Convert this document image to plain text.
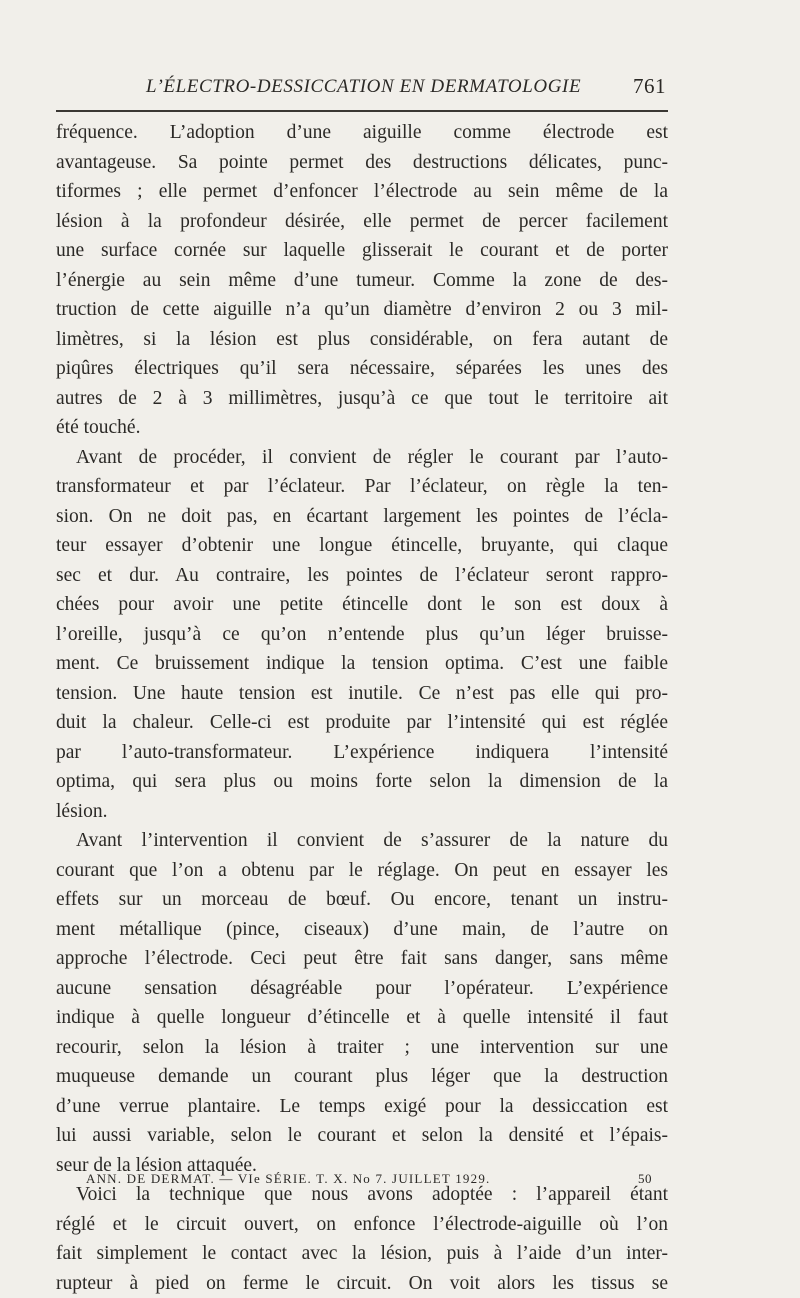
L’ÉLECTRO-DESSICCATION EN DERMATOLOGIE 761
fréquence. L’adoption d’une aiguille comme électrode est
avantageuse. Sa pointe permet des destructions délicates, punc-
tiformes ; elle permet d’enfoncer l’électrode au sein même de la
lésion à la profondeur désirée, elle permet de percer facilement
une surface cornée sur laquelle glisserait le courant et de porter
l’énergie au sein même d’une tumeur. Comme la zone de des-
truction de cette aiguille n’a qu’un diamètre d’environ 2 ou 3 mil-
limètres, si la lésion est plus considérable, on fera autant de
piqûres électriques qu’il sera nécessaire, séparées les unes des
autres de 2 à 3 millimètres, jusqu’à ce que tout le territoire ait
été touché.
Avant de procéder, il convient de régler le courant par l’auto-
transformateur et par l’éclateur. Par l’éclateur, on règle la ten-
sion. On ne doit pas, en écartant largement les pointes de l’écla-
teur essayer d’obtenir une longue étincelle, bruyante, qui claque
sec et dur. Au contraire, les pointes de l’éclateur seront rappro-
chées pour avoir une petite étincelle dont le son est doux à
l’oreille, jusqu’à ce qu’on n’entende plus qu’un léger bruisse-
ment. Ce bruissement indique la tension optima. C’est une faible
tension. Une haute tension est inutile. Ce n’est pas elle qui pro-
duit la chaleur. Celle-ci est produite par l’intensité qui est réglée
par l’auto-transformateur. L’expérience indiquera l’intensité
optima, qui sera plus ou moins forte selon la dimension de la
lésion.
Avant l’intervention il convient de s’assurer de la nature du
courant que l’on a obtenu par le réglage. On peut en essayer les
effets sur un morceau de bœuf. Ou encore, tenant un instru-
ment métallique (pince, ciseaux) d’une main, de l’autre on
approche l’électrode. Ceci peut être fait sans danger, sans même
aucune sensation désagréable pour l’opérateur. L’expérience
indique à quelle longueur d’étincelle et à quelle intensité il faut
recourir, selon la lésion à traiter ; une intervention sur une
muqueuse demande un courant plus léger que la destruction
d’une verrue plantaire. Le temps exigé pour la dessiccation est
lui aussi variable, selon le courant et selon la densité et l’épais-
seur de la lésion attaquée.
Voici la technique que nous avons adoptée : l’appareil étant
réglé et le circuit ouvert, on enfonce l’électrode-aiguille où l’on
fait simplement le contact avec la lésion, puis à l’aide d’un inter-
rupteur à pied on ferme le circuit. On voit alors les tissus se
ANN. DE DERMAT. — VIe SÉRIE. T. X. No 7. JUILLET 1929.	50
